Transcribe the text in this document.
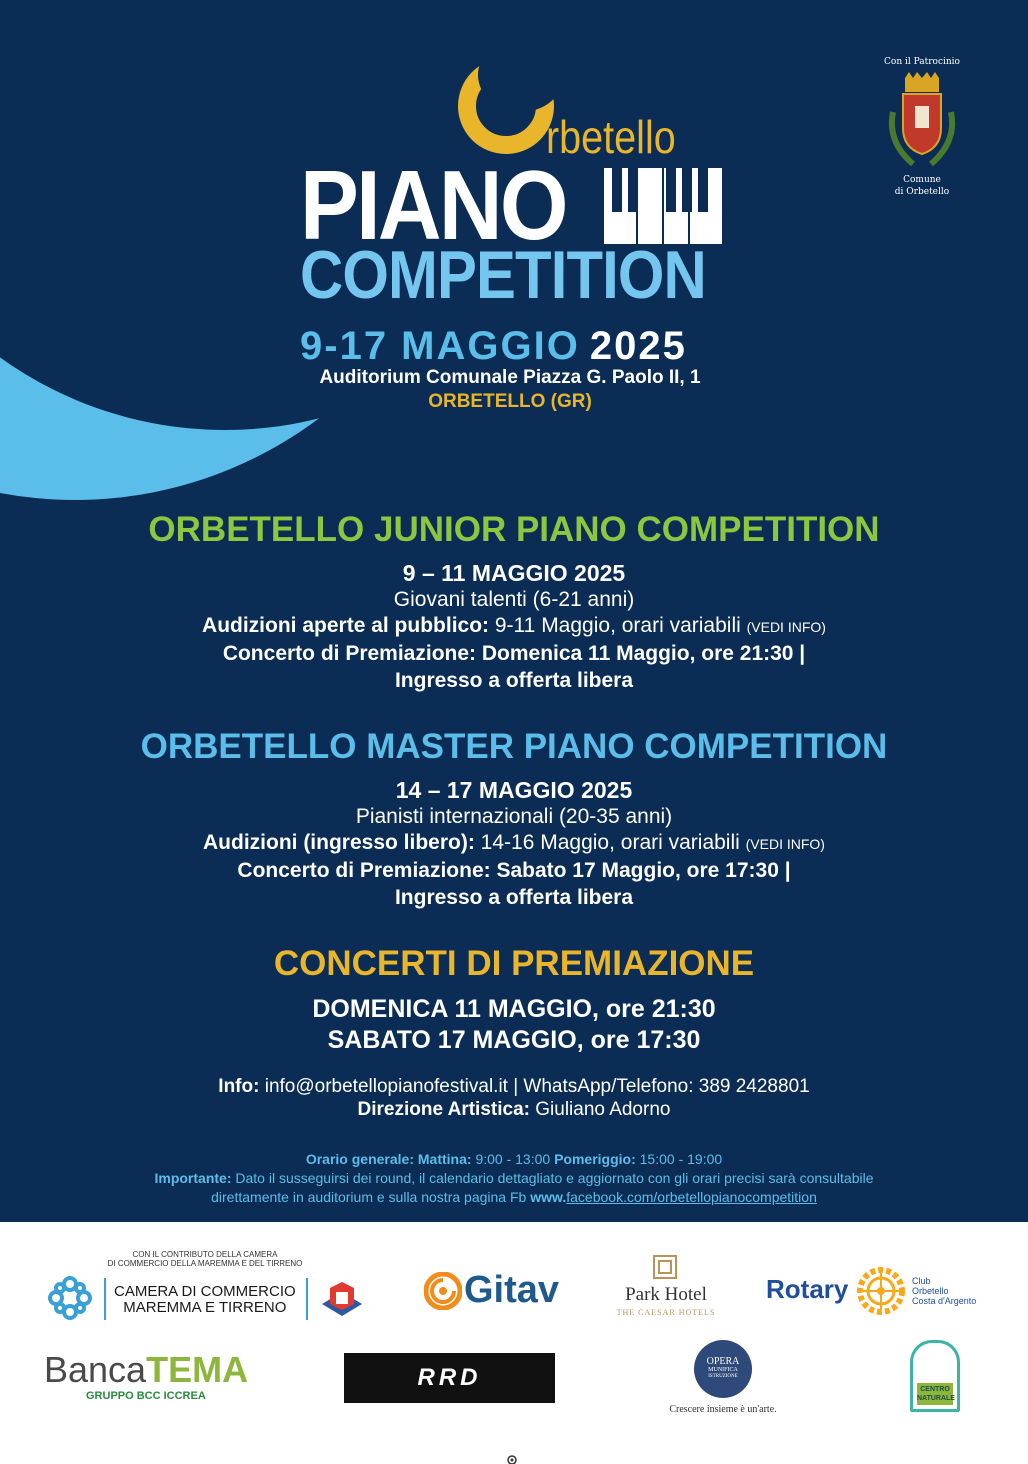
rbetello
PIANO
COMPETITION
Con il Patrocinio
Comune
di Orbetello
9-17 MAGGIO 2025
Auditorium Comunale Piazza G. Paolo II, 1
ORBETELLO (GR)
ORBETELLO JUNIOR PIANO COMPETITION
9 – 11 MAGGIO 2025
Giovani talenti (6-21 anni)
Audizioni aperte al pubblico: 9-11 Maggio, orari variabili (VEDI INFO)
Concerto di Premiazione: Domenica 11 Maggio, ore 21:30 |
Ingresso a offerta libera
ORBETELLO MASTER PIANO COMPETITION
14 – 17 MAGGIO 2025
Pianisti internazionali (20-35 anni)
Audizioni (ingresso libero): 14-16 Maggio, orari variabili (VEDI INFO)
Concerto di Premiazione: Sabato 17 Maggio, ore 17:30 |
Ingresso a offerta libera
CONCERTI DI PREMIAZIONE
DOMENICA 11 MAGGIO, ore 21:30
SABATO 17 MAGGIO, ore 17:30
Info: info@orbetellopianofestival.it | WhatsApp/Telefono: 389 2428801
Direzione Artistica: Giuliano Adorno
Orario generale: Mattina: 9:00 - 13:00 Pomeriggio: 15:00 - 19:00
Importante: Dato il susseguirsi dei round, il calendario dettagliato e aggiornato con gli orari precisi sarà consultabile
direttamente in auditorium e sulla nostra pagina Fb www.facebook.com/orbetellopianocompetition
CON IL CONTRIBUTO DELLA CAMERA
DI COMMERCIO DELLA MAREMMA E DEL TIRRENO
CAMERA DI COMMERCIO
MAREMMA E TIRRENO	Gitav	Park Hotel
THE CAESAR HOTELS
Rotary	Club
Orbetello
Costa d'Argento
BancaTEMA
GRUPPO BCC ICCREA
RRD
OPERA
MUNIFICA
ISTRUZIONE
Crescere insieme è un'arte.
CENTRO
NATURALE
